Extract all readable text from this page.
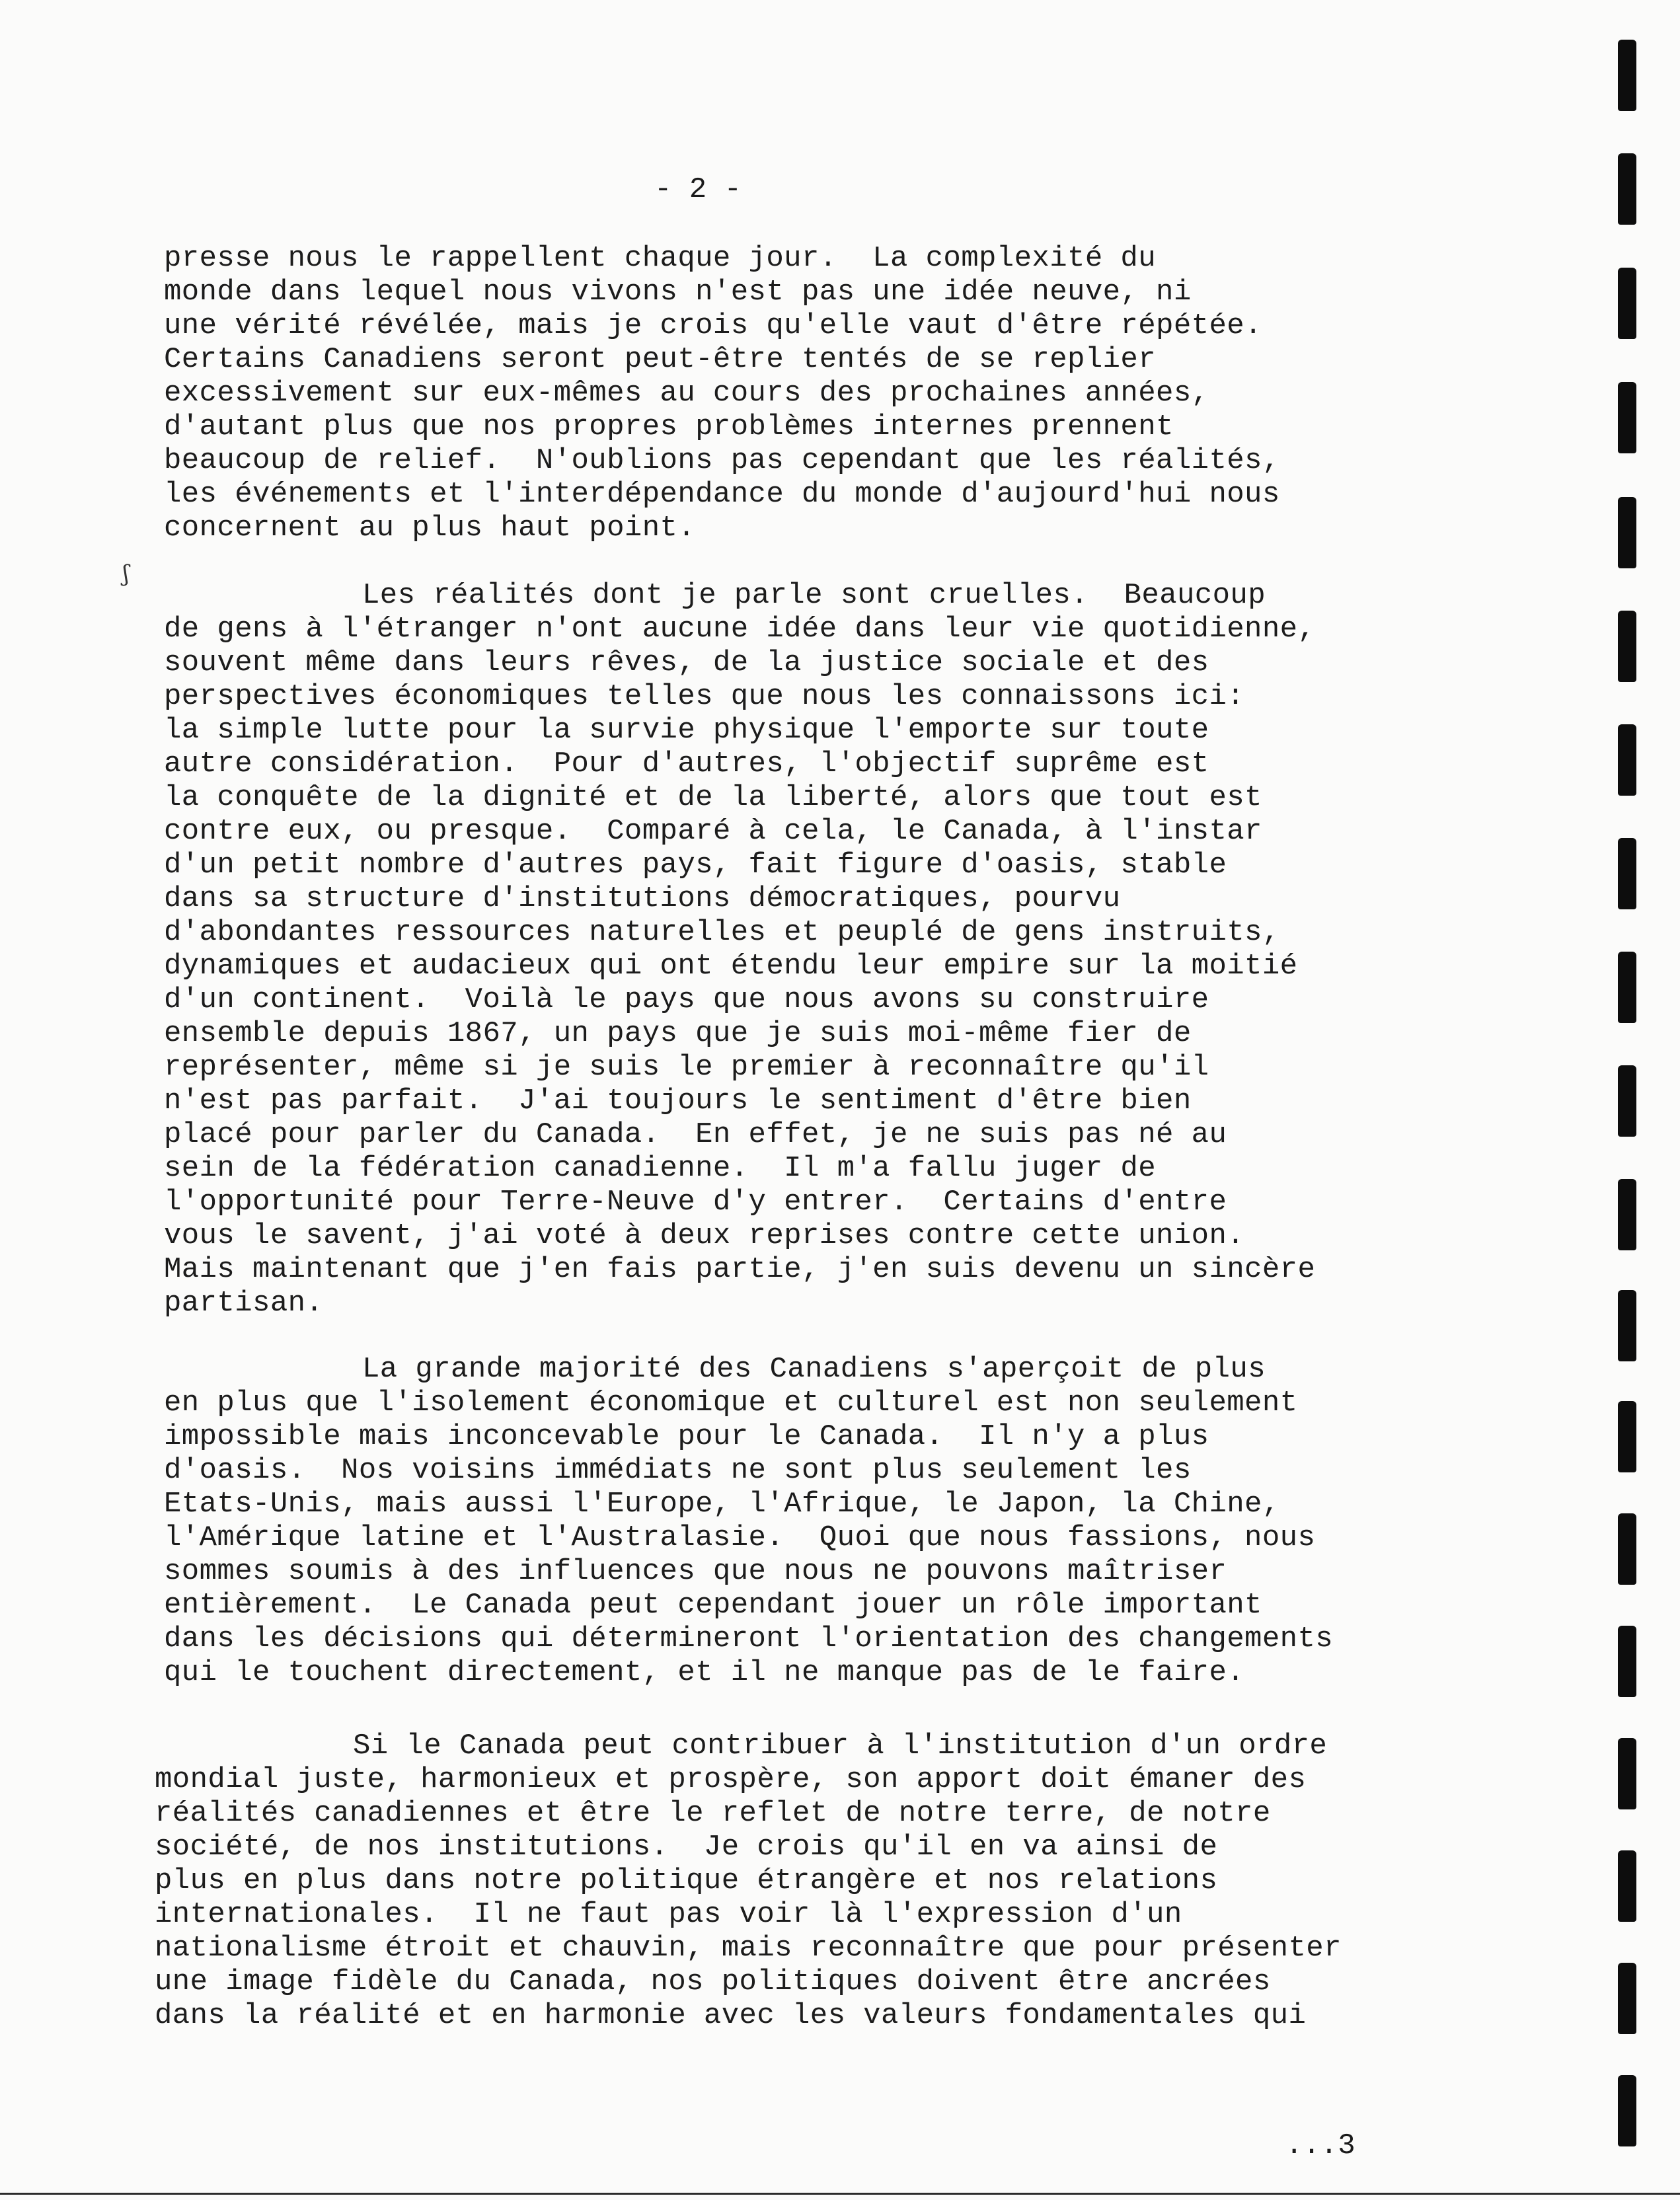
- 2 -
ʃ
presse nous le rappellent chaque jour.  La complexité du
monde dans lequel nous vivons n'est pas une idée neuve, ni
une vérité révélée, mais je crois qu'elle vaut d'être répétée.
Certains Canadiens seront peut-être tentés de se replier
excessivement sur eux-mêmes au cours des prochaines années,
d'autant plus que nos propres problèmes internes prennent
beaucoup de relief.  N'oublions pas cependant que les réalités,
les événements et l'interdépendance du monde d'aujourd'hui nous
concernent au plus haut point.
Les réalités dont je parle sont cruelles.  Beaucoup
de gens à l'étranger n'ont aucune idée dans leur vie quotidienne,
souvent même dans leurs rêves, de la justice sociale et des
perspectives économiques telles que nous les connaissons ici:
la simple lutte pour la survie physique l'emporte sur toute
autre considération.  Pour d'autres, l'objectif suprême est
la conquête de la dignité et de la liberté, alors que tout est
contre eux, ou presque.  Comparé à cela, le Canada, à l'instar
d'un petit nombre d'autres pays, fait figure d'oasis, stable
dans sa structure d'institutions démocratiques, pourvu
d'abondantes ressources naturelles et peuplé de gens instruits,
dynamiques et audacieux qui ont étendu leur empire sur la moitié
d'un continent.  Voilà le pays que nous avons su construire
ensemble depuis 1867, un pays que je suis moi-même fier de
représenter, même si je suis le premier à reconnaître qu'il
n'est pas parfait.  J'ai toujours le sentiment d'être bien
placé pour parler du Canada.  En effet, je ne suis pas né au
sein de la fédération canadienne.  Il m'a fallu juger de
l'opportunité pour Terre-Neuve d'y entrer.  Certains d'entre
vous le savent, j'ai voté à deux reprises contre cette union.
Mais maintenant que j'en fais partie, j'en suis devenu un sincère
partisan.
La grande majorité des Canadiens s'aperçoit de plus
en plus que l'isolement économique et culturel est non seulement
impossible mais inconcevable pour le Canada.  Il n'y a plus
d'oasis.  Nos voisins immédiats ne sont plus seulement les
Etats-Unis, mais aussi l'Europe, l'Afrique, le Japon, la Chine,
l'Amérique latine et l'Australasie.  Quoi que nous fassions, nous
sommes soumis à des influences que nous ne pouvons maîtriser
entièrement.  Le Canada peut cependant jouer un rôle important
dans les décisions qui détermineront l'orientation des changements
qui le touchent directement, et il ne manque pas de le faire.
Si le Canada peut contribuer à l'institution d'un ordre
mondial juste, harmonieux et prospère, son apport doit émaner des
réalités canadiennes et être le reflet de notre terre, de notre
société, de nos institutions.  Je crois qu'il en va ainsi de
plus en plus dans notre politique étrangère et nos relations
internationales.  Il ne faut pas voir là l'expression d'un
nationalisme étroit et chauvin, mais reconnaître que pour présenter
une image fidèle du Canada, nos politiques doivent être ancrées
dans la réalité et en harmonie avec les valeurs fondamentales qui
...3
